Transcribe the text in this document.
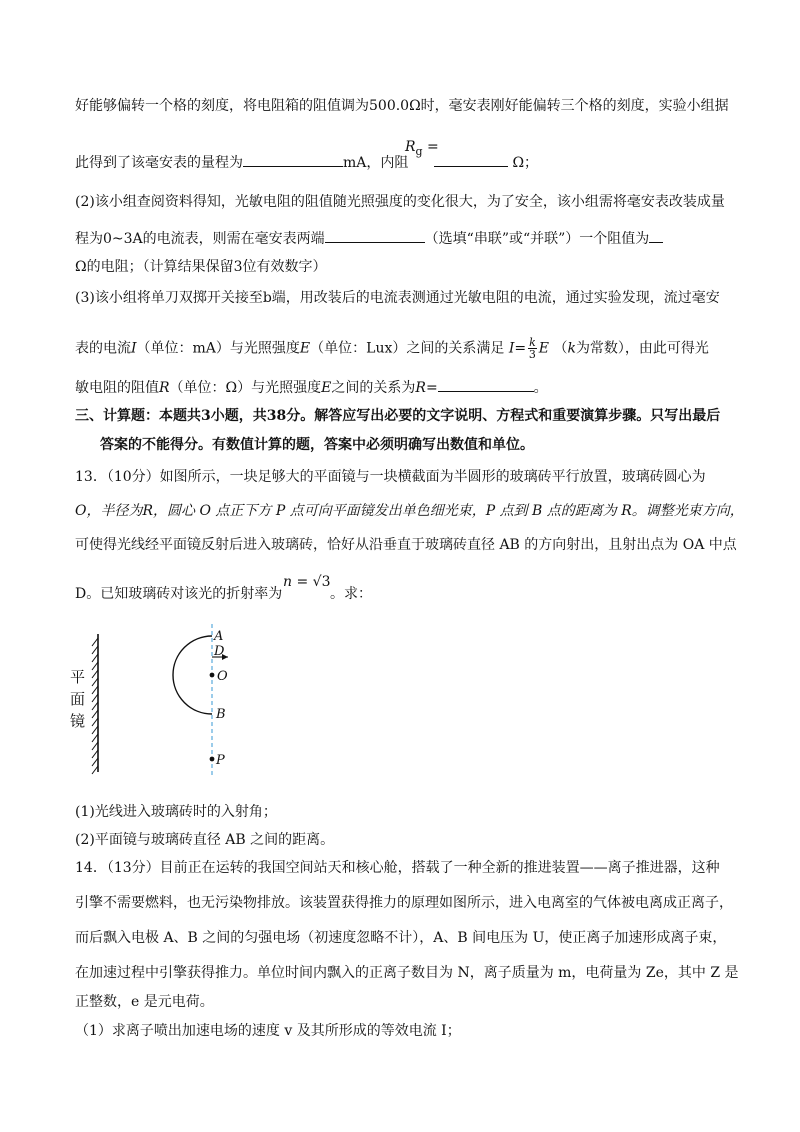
好能够偏转一个格的刻度，将电阻箱的阻值调为500.0Ω时，毫安表刚好能偏转三个格的刻度，实验小组据
此得到了该毫安表的量程为	mA，内阻
$R_g$ =
Ω；
(2)该小组查阅资料得知，光敏电阻的阻值随光照强度的变化很大，为了安全，该小组需将毫安表改装成量
程为0~3A的电流表，则需在毫安表两端	（选填“串联”或“并联”）一个阻值为
Ω的电阻；（计算结果保留3位有效数字）
(3)该小组将单刀双掷开关接至b端，用改装后的电流表测通过光敏电阻的电流，通过实验发现，流过毫安
表的电流I（单位：mA）与光照强度E（单位：Lux）之间的关系满足 $I= \frac{k}{3}$ E （k为常数），由此可得光
敏电阻的阻值R（单位：Ω）与光照强度E之间的关系为R=	。
三、计算题：本题共3小题，共38分。解答应写出必要的文字说明、方程式和重要演算步骤。只写出最后
答案的不能得分。有数值计算的题，答案中必须明确写出数值和单位。
13．（10分）如图所示，一块足够大的平面镜与一块横截面为半圆形的玻璃砖平行放置，玻璃砖圆心为
O，半径为R，圆心 O 点正下方 P 点可向平面镜发出单色细光束，P 点到 B 点的距离为 R。调整光束方向，
可使得光线经平面镜反射后进入玻璃砖，恰好从沿垂直于玻璃砖直径 AB 的方向射出，且射出点为 OA 中点
D。已知玻璃砖对该光的折射率为
n = √3
。求：
平
面
镜
A
D
O
B
P
(1)光线进入玻璃砖时的入射角；
(2)平面镜与玻璃砖直径 AB 之间的距离。
14．（13分）目前正在运转的我国空间站天和核心舱，搭载了一种全新的推进装置——离子推进器，这种
引擎不需要燃料，也无污染物排放。该装置获得推力的原理如图所示，进入电离室的气体被电离成正离子，
而后飘入电极 A、B 之间的匀强电场（初速度忽略不计），A、B 间电压为 U，使正离子加速形成离子束，
在加速过程中引擎获得推力。单位时间内飘入的正离子数目为 N，离子质量为 m，电荷量为 Ze，其中 Z 是
正整数，e 是元电荷。
（1）求离子喷出加速电场的速度 v 及其所形成的等效电流 I；
